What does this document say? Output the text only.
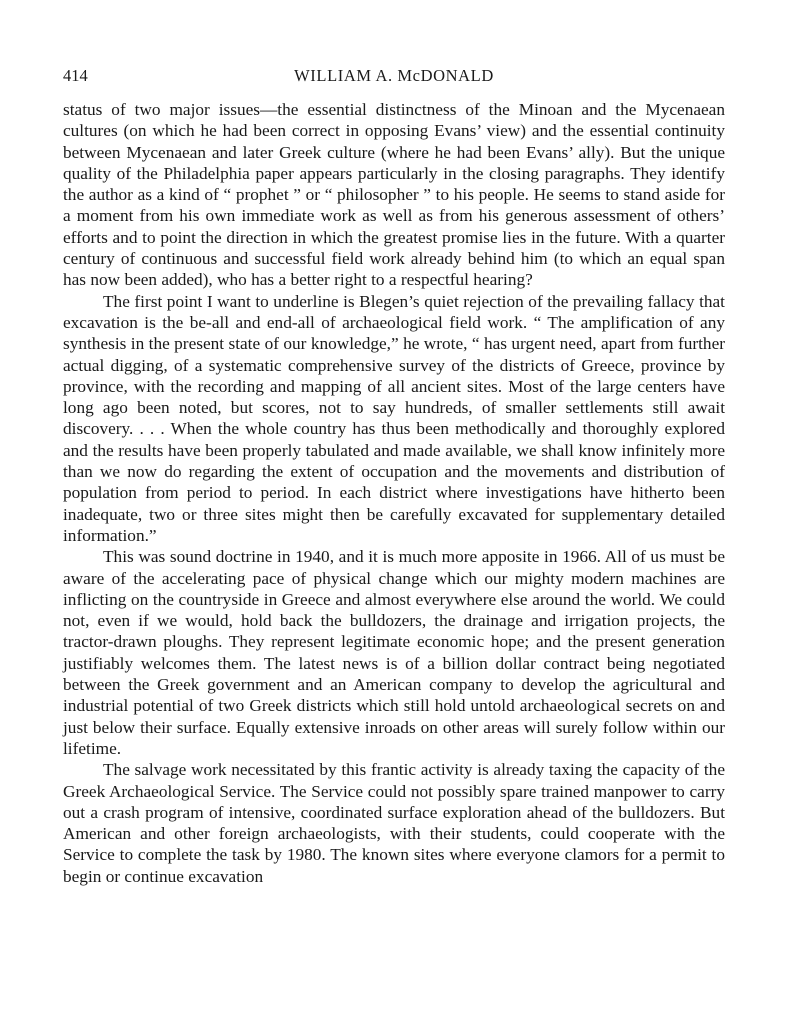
414	WILLIAM A. McDONALD

status of two major issues—the essential distinctness of the Minoan and the Mycenaean cultures (on which he had been correct in opposing Evans’ view) and the essential continuity between Mycenaean and later Greek culture (where he had been Evans’ ally). But the unique quality of the Philadelphia paper appears particularly in the closing paragraphs. They identify the author as a kind of “ prophet ” or “ philosopher ” to his people. He seems to stand aside for a moment from his own immediate work as well as from his generous assessment of others’ efforts and to point the direction in which the greatest promise lies in the future. With a quarter century of continuous and successful field work already behind him (to which an equal span has now been added), who has a better right to a respectful hearing?

The first point I want to underline is Blegen’s quiet rejection of the prevailing fallacy that excavation is the be-all and end-all of archaeological field work. “ The amplification of any synthesis in the present state of our knowledge,” he wrote, “ has urgent need, apart from further actual digging, of a systematic comprehensive survey of the districts of Greece, province by province, with the recording and mapping of all ancient sites. Most of the large centers have long ago been noted, but scores, not to say hundreds, of smaller settlements still await discovery. . . . When the whole country has thus been methodically and thoroughly explored and the results have been properly tabulated and made available, we shall know infinitely more than we now do regarding the extent of occupation and the movements and distribution of population from period to period. In each district where investigations have hitherto been inadequate, two or three sites might then be carefully excavated for supplementary detailed information.”

This was sound doctrine in 1940, and it is much more apposite in 1966. All of us must be aware of the accelerating pace of physical change which our mighty modern machines are inflicting on the countryside in Greece and almost everywhere else around the world. We could not, even if we would, hold back the bulldozers, the drainage and irrigation projects, the tractor-drawn ploughs. They represent legitimate economic hope; and the present generation justifiably welcomes them. The latest news is of a billion dollar contract being negotiated between the Greek government and an American company to develop the agricultural and industrial potential of two Greek districts which still hold untold archaeological secrets on and just below their surface. Equally extensive inroads on other areas will surely follow within our lifetime.

The salvage work necessitated by this frantic activity is already taxing the capacity of the Greek Archaeological Service. The Service could not possibly spare trained manpower to carry out a crash program of intensive, coordinated surface exploration ahead of the bulldozers. But American and other foreign archaeologists, with their students, could cooperate with the Service to complete the task by 1980. The known sites where everyone clamors for a permit to begin or continue excavation
